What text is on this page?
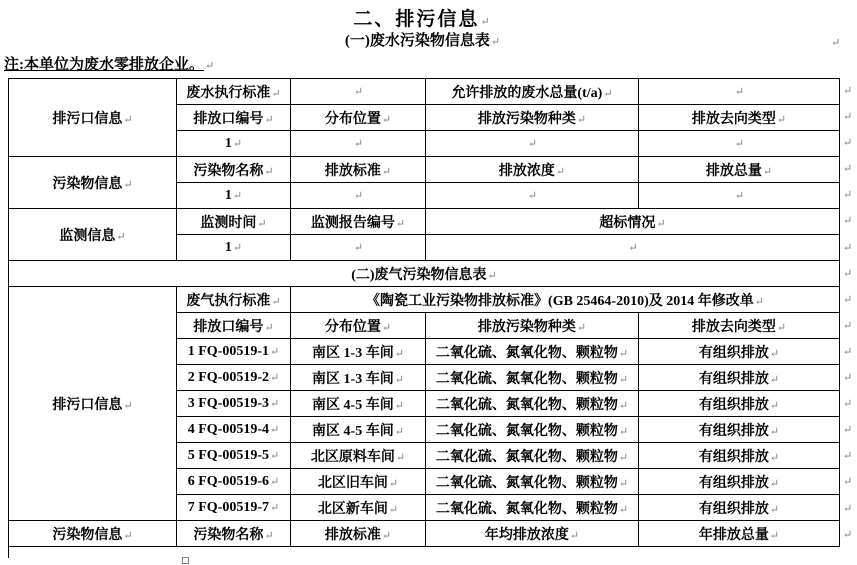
二、排污信息↵
(一)废水污染物信息表↵
注:本单位为废水零排放企业。↵
↵
排污口信息↵	废水执行标准↵	↵	允许排放的废水总量(t/a)↵	↵
	排放口编号↵	分布位置↵	排放污染物种类↵	排放去向类型↵
	1↵	↵	↵	↵
污染物信息↵	污染物名称↵	排放标准↵	排放浓度↵	排放总量↵
	1↵	↵	↵	↵
监测信息↵	监测时间↵	监测报告编号↵	超标情况↵	
	1↵	↵	↵	
(二)废气污染物信息表↵				
排污口信息↵	废气执行标准↵	《陶瓷工业污染物排放标准》(GB 25464-2010)及 2014 年修改单↵		
	排放口编号↵	分布位置↵	排放污染物种类↵	排放去向类型↵
	1 FQ-00519-1↵	南区 1-3 车间↵	二氧化硫、氮氧化物、颗粒物↵	有组织排放↵
	2 FQ-00519-2↵	南区 1-3 车间↵	二氧化硫、氮氧化物、颗粒物↵	有组织排放↵
	3 FQ-00519-3↵	南区 4-5 车间↵	二氧化硫、氮氧化物、颗粒物↵	有组织排放↵
	4 FQ-00519-4↵	南区 4-5 车间↵	二氧化硫、氮氧化物、颗粒物↵	有组织排放↵
	5 FQ-00519-5↵	北区原料车间↵	二氧化硫、氮氧化物、颗粒物↵	有组织排放↵
	6 FQ-00519-6↵	北区旧车间↵	二氧化硫、氮氧化物、颗粒物↵	有组织排放↵
	7 FQ-00519-7↵	北区新车间↵	二氧化硫、氮氧化物、颗粒物↵	有组织排放↵
污染物信息↵	污染物名称↵	排放标准↵	年均排放浓度↵	年排放总量↵
↵
↵
↵
↵
↵
↵
↵
↵
↵
↵
↵
↵
↵
↵
↵
↵
↵
↵
